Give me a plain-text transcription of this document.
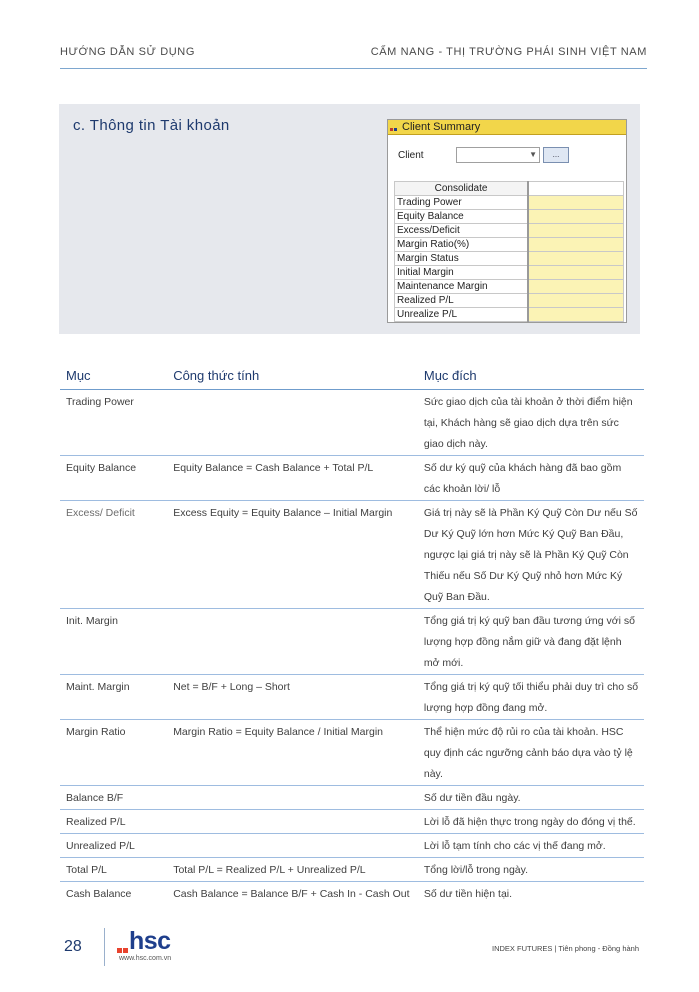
HƯỚNG DẪN SỬ DỤNG	CẨM NANG - THỊ TRƯỜNG PHÁI SINH VIỆT NAM
c. Thông tin Tài khoản	Client Summary
Client	▼	...
Consolidate	
Trading Power	
Equity Balance	
Excess/Deficit	
Margin Ratio(%)	
Margin Status	
Initial Margin	
Maintenance Margin	
Realized P/L	
Unrealize P/L	
Mục	Công thức tính	Mục đích
Trading Power		Sức giao dịch của tài khoản ở thời điểm hiện tại, Khách hàng sẽ giao dịch dựa trên sức giao dịch này.
Equity Balance	Equity Balance = Cash Balance + Total P/L	Số dư ký quỹ của khách hàng đã bao gồm các khoản lời/ lỗ
Excess/ Deficit	Excess Equity = Equity Balance – Initial Margin	Giá trị này sẽ là Phần Ký Quỹ Còn Dư nếu Số Dư Ký Quỹ lớn hơn Mức Ký Quỹ Ban Đầu, ngược lại giá trị này sẽ là Phần Ký Quỹ Còn Thiếu nếu Số Dư Ký Quỹ nhỏ hơn Mức Ký Quỹ Ban Đầu.
Init. Margin		Tổng giá trị ký quỹ ban đầu tương ứng với số lượng hợp đồng nắm giữ và đang đặt lệnh mở mới.
Maint. Margin	Net = B/F + Long – Short	Tổng giá trị ký quỹ tối thiểu phải duy trì cho số lượng hợp đồng đang mở.
Margin Ratio	Margin Ratio = Equity Balance / Initial Margin	Thể hiện mức độ rủi ro của tài khoản. HSC quy định các ngưỡng cảnh báo dựa vào tỷ lệ này.
Balance B/F		Số dư tiền đầu ngày.
Realized P/L		Lời lỗ đã hiện thực trong ngày do đóng vị thế.
Unrealized P/L		Lời lỗ tạm tính cho các vị thế đang mở.
Total P/L	Total P/L = Realized P/L + Unrealized P/L	Tổng lời/lỗ trong ngày.
Cash Balance	Cash Balance = Balance B/F + Cash In - Cash Out	Số dư tiền hiện tại.
28 hsc
www.hsc.com.vn
INDEX FUTURES | Tiên phong - Đồng hành
